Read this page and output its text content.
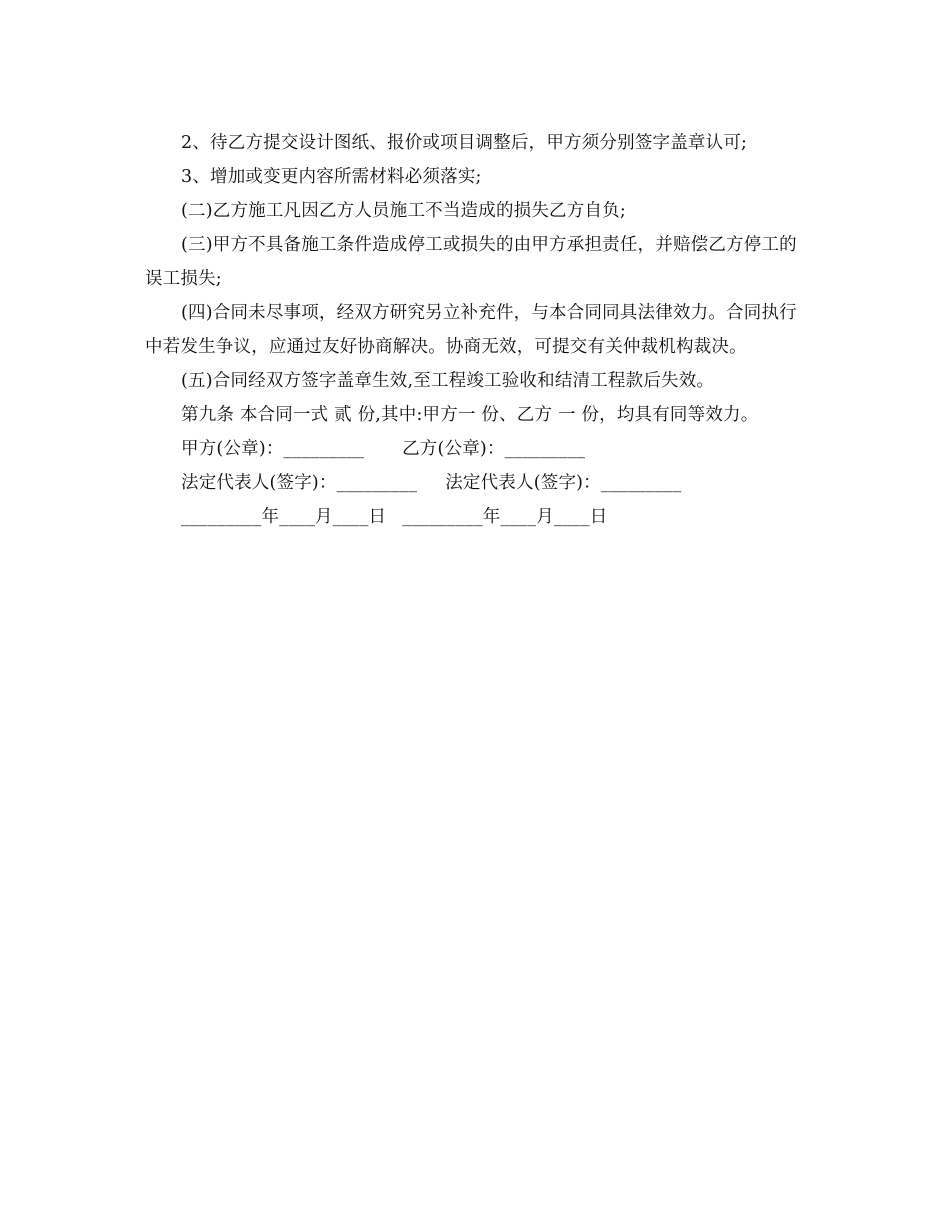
2、待乙方提交设计图纸、报价或项目调整后，甲方须分别签字盖章认可;

3、增加或变更内容所需材料必须落实;

(二)乙方施工凡因乙方人员施工不当造成的损失乙方自负;

(三)甲方不具备施工条件造成停工或损失的由甲方承担责任，并赔偿乙方停工的误工损失;

(四)合同未尽事项，经双方研究另立补充件，与本合同同具法律效力。合同执行中若发生争议，应通过友好协商解决。协商无效，可提交有关仲裁机构裁决。

(五)合同经双方签字盖章生效,至工程竣工验收和结清工程款后失效。

第九条 本合同一式 贰 份,其中:甲方一 份、乙方 一 份，均具有同等效力。

甲方(公章)：_________ 乙方(公章)：_________
法定代表人(签字)：_________ 法定代表人(签字)：_________
_________年____月____日 _________年____月____日
